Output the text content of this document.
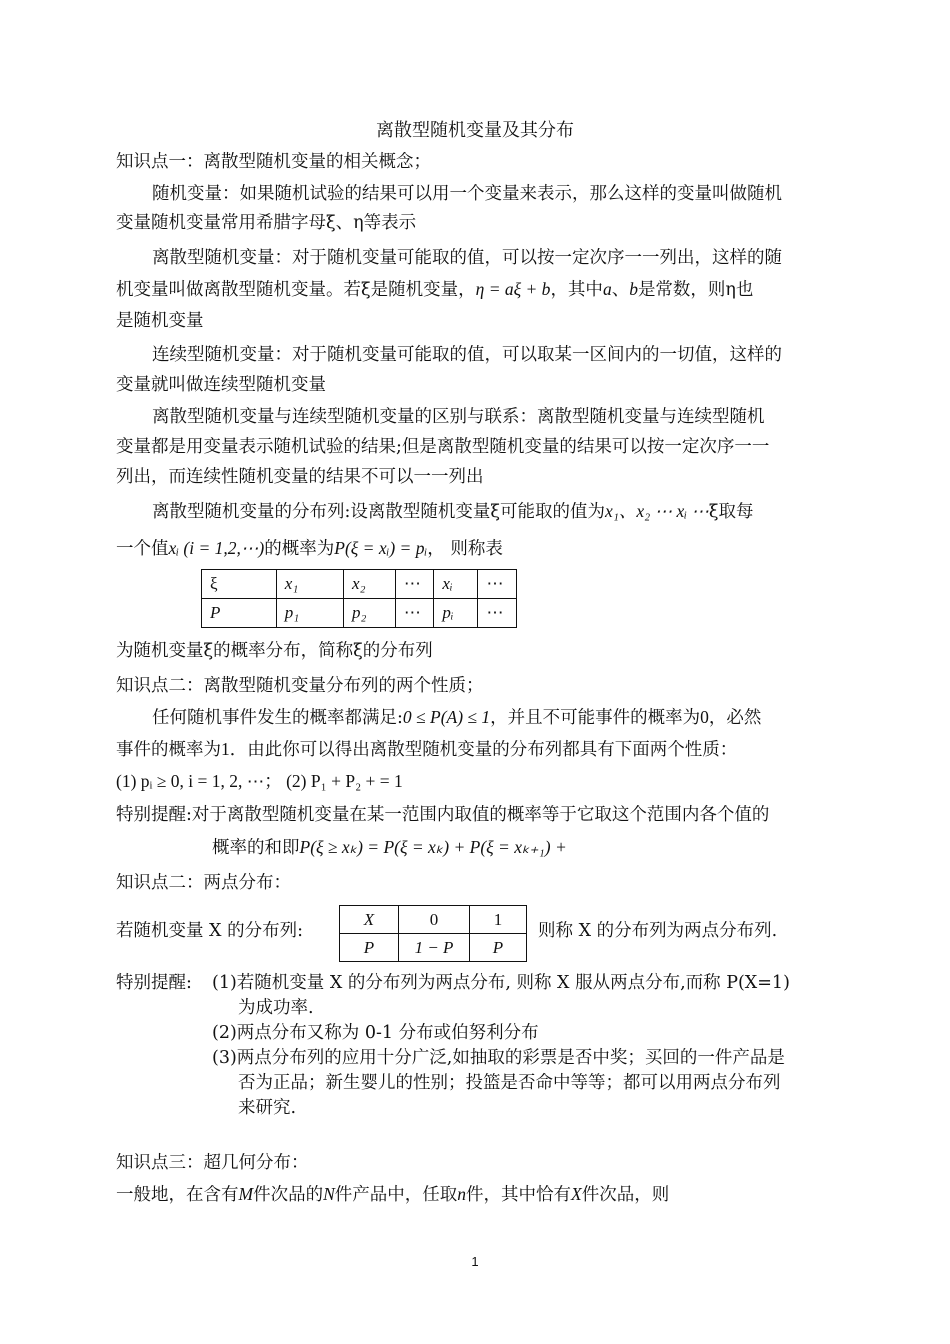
离散型随机变量及其分布
知识点一：离散型随机变量的相关概念；
随机变量：如果随机试验的结果可以用一个变量来表示，那么这样的变量叫做随机
变量随机变量常用希腊字母ξ、η等表示
离散型随机变量：对于随机变量可能取的值，可以按一定次序一一列出，这样的随
机变量叫做离散型随机变量。若ξ是随机变量，η = aξ + b，其中a、b是常数，则η也
是随机变量
连续型随机变量：对于随机变量可能取的值，可以取某一区间内的一切值，这样的
变量就叫做连续型随机变量
离散型随机变量与连续型随机变量的区别与联系：离散型随机变量与连续型随机
变量都是用变量表示随机试验的结果;但是离散型随机变量的结果可以按一定次序一一
列出，而连续性随机变量的结果不可以一一列出
离散型随机变量的分布列:设离散型随机变量ξ可能取的值为x₁、x₂ ⋯ xᵢ ⋯ξ取每
一个值xᵢ (i = 1,2,⋯)的概率为P(ξ = xᵢ) = pᵢ， 则称表
ξ	x₁	x₂	⋯	xᵢ	⋯
P	p₁	p₂	⋯	pᵢ	⋯
为随机变量ξ的概率分布，简称ξ的分布列
知识点二：离散型随机变量分布列的两个性质；
任何随机事件发生的概率都满足:0 ≤ P(A) ≤ 1，并且不可能事件的概率为0，必然
事件的概率为1．由此你可以得出离散型随机变量的分布列都具有下面两个性质：
(1) pᵢ ≥ 0, i = 1, 2, ⋯； (2) P₁ + P₂ + = 1
特别提醒:对于离散型随机变量在某一范围内取值的概率等于它取这个范围内各个值的
概率的和即P(ξ ≥ xₖ) = P(ξ = xₖ) + P(ξ = xₖ₊₁) +
知识点二：两点分布：
若随机变量 X 的分布列:
X	0	1
P	1 − P	P
则称 X 的分布列为两点分布列.
特别提醒:	(1)若随机变量 X 的分布列为两点分布, 则称 X 服从两点分布,而称 P(X=1)
为成功率.
(2)两点分布又称为 0-1 分布或伯努利分布
(3)两点分布列的应用十分广泛,如抽取的彩票是否中奖；买回的一件产品是
否为正品；新生婴儿的性别；投篮是否命中等等；都可以用两点分布列
来研究.
知识点三：超几何分布：
一般地，在含有M件次品的N件产品中，任取n件，其中恰有X件次品，则
1
